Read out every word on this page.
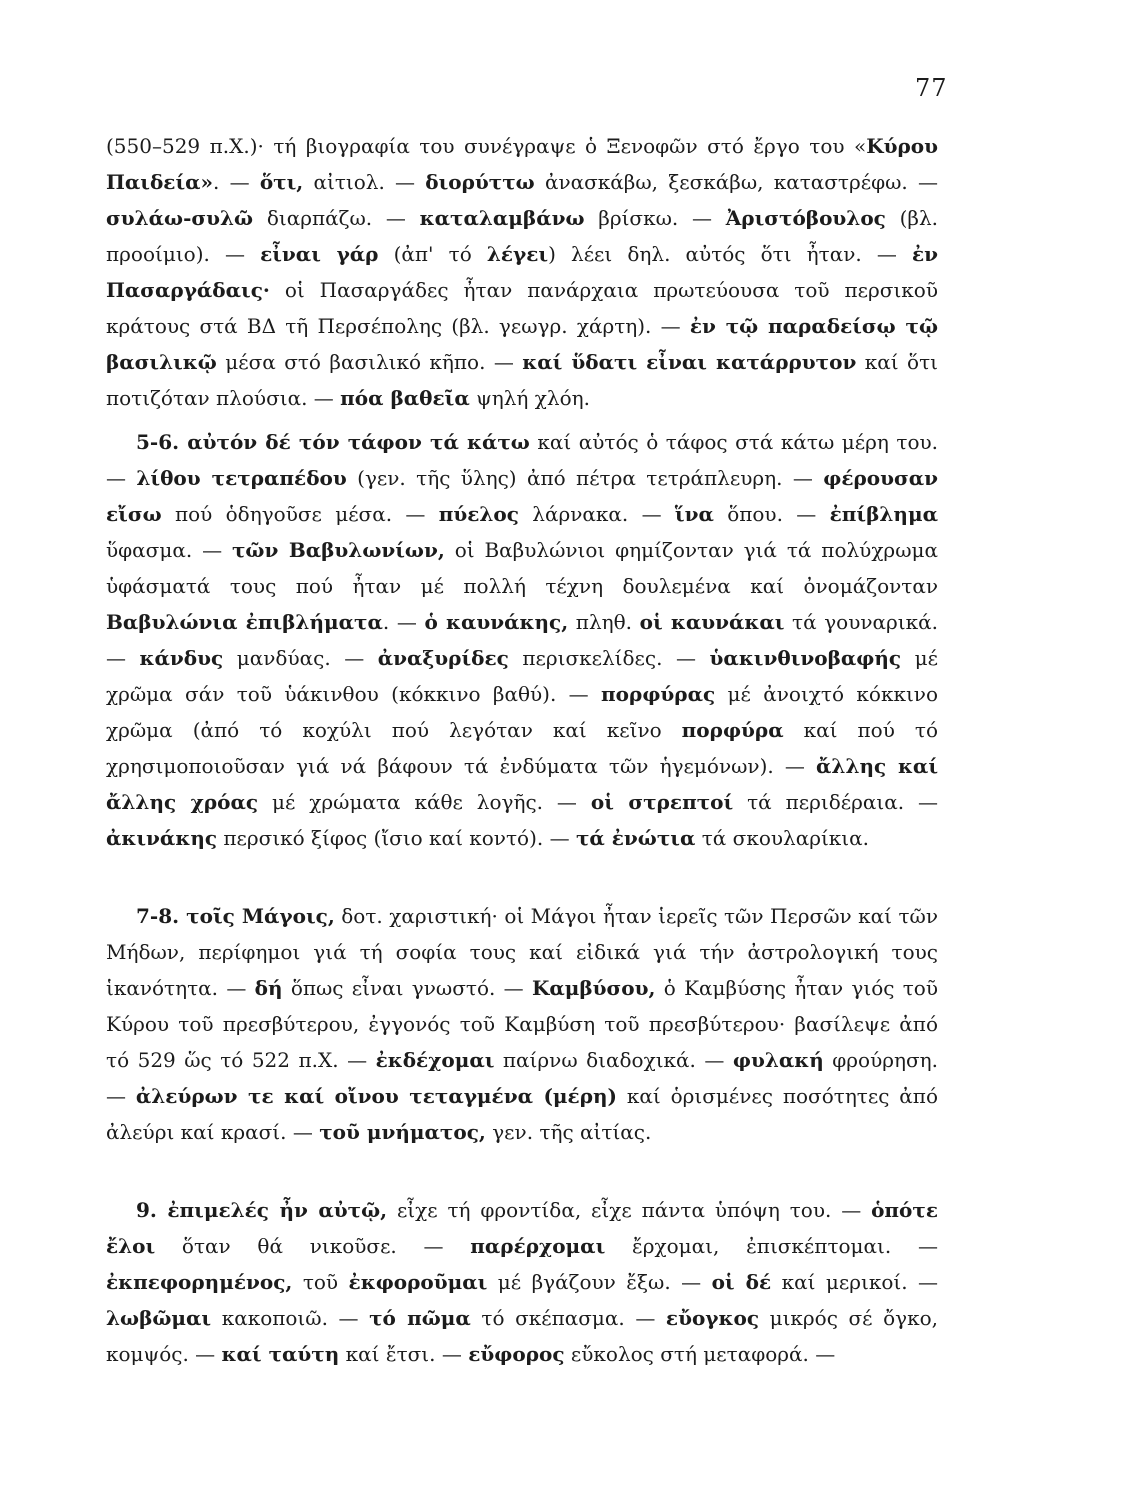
77
(550–529 π.Χ.)· τή βιογραφία του συνέγραψε ὁ Ξενοφῶν στό ἔργο του «Κύρου Παιδεία». — ὅτι, αἰτιολ. — διορύττω ἀνασκάβω, ξεσκάβω, καταστρέφω. — συλάω-συλῶ διαρπάζω. — καταλαμβάνω βρίσκω. — Ἀριστόβουλος (βλ. προοίμιο). — εἶναι γάρ (ἀπ' τό λέγει) λέει δηλ. αὐτός ὅτι ἦταν. — ἐν Πασαργάδαις· οἱ Πασαργάδες ἦταν πανάρχαια πρωτεύουσα τοῦ περσικοῦ κράτους στά ΒΔ τῆ Περσέπολης (βλ. γεωγρ. χάρτη). — ἐν τῷ παραδείσῳ τῷ βασιλικῷ μέσα στό βασιλικό κῆπο. — καί ὕδατι εἶναι κατάρρυτον καί ὅτι ποτιζόταν πλούσια. — πόα βαθεῖα ψηλή χλόη.
5-6. αὐτόν δέ τόν τάφον τά κάτω καί αὐτός ὁ τάφος στά κάτω μέρη του. — λίθου τετραπέδου (γεν. τῆς ὕλης) ἀπό πέτρα τετράπλευρη. — φέρουσαν εἴσω πού ὁδηγοῦσε μέσα. — πύελος λάρνακα. — ἵνα ὅπου. — ἐπίβλημα ὕφασμα. — τῶν Βαβυλωνίων, οἱ Βαβυλώνιοι φημίζονταν γιά τά πολύχρωμα ὑφάσματά τους πού ἦταν μέ πολλή τέχνη δουλεμένα καί ὀνομάζονταν Βαβυλώνια ἐπιβλήματα. — ὁ καυνάκης, πληθ. οἱ καυνάκαι τά γουναρικά. — κάνδυς μανδύας. — ἀναξυρίδες περισκελίδες. — ὑακινθινοβαφής μέ χρῶμα σάν τοῦ ὑάκινθου (κόκκινο βαθύ). — πορφύρας μέ ἀνοιχτό κόκκινο χρῶμα (ἀπό τό κοχύλι πού λεγόταν καί κεῖνο πορφύρα καί πού τό χρησιμοποιοῦσαν γιά νά βάφουν τά ἐνδύματα τῶν ἡγεμόνων). — ἄλλης καί ἄλλης χρόας μέ χρώματα κάθε λογῆς. — οἱ στρεπτοί τά περιδέραια. — ἀκινάκης περσικό ξίφος (ἴσιο καί κοντό). — τά ἐνώτια τά σκουλαρίκια.
7-8. τοῖς Μάγοις, δοτ. χαριστική· οἱ Μάγοι ἦταν ἱερεῖς τῶν Περσῶν καί τῶν Μήδων, περίφημοι γιά τή σοφία τους καί εἰδικά γιά τήν ἀστρολογική τους ἱκανότητα. — δή ὅπως εἶναι γνωστό. — Καμβύσου, ὁ Καμβύσης ἦταν γιός τοῦ Κύρου τοῦ πρεσβύτερου, ἐγγονός τοῦ Καμβύση τοῦ πρεσβύτερου· βασίλεψε ἀπό τό 529 ὥς τό 522 π.Χ. — ἐκδέχομαι παίρνω διαδοχικά. — φυλακή φρούρηση. — ἀλεύρων τε καί οἴνου τεταγμένα (μέρη) καί ὁρισμένες ποσότητες ἀπό ἀλεύρι καί κρασί. — τοῦ μνήματος, γεν. τῆς αἰτίας.
9. ἐπιμελές ἦν αὐτῷ, εἶχε τή φροντίδα, εἶχε πάντα ὑπόψη του. — ὁπότε ἔλοι ὅταν θά νικοῦσε. — παρέρχομαι ἔρχομαι, ἐπισκέπτομαι. — ἐκπεφορημένος, τοῦ ἐκφοροῦμαι μέ βγάζουν ἔξω. — οἱ δέ καί μερικοί. — λωβῶμαι κακοποιῶ. — τό πῶμα τό σκέπασμα. — εὔογκος μικρός σέ ὄγκο, κομψός. — καί ταύτη καί ἔτσι. — εὔφορος εὔκολος στή μεταφορά. —
